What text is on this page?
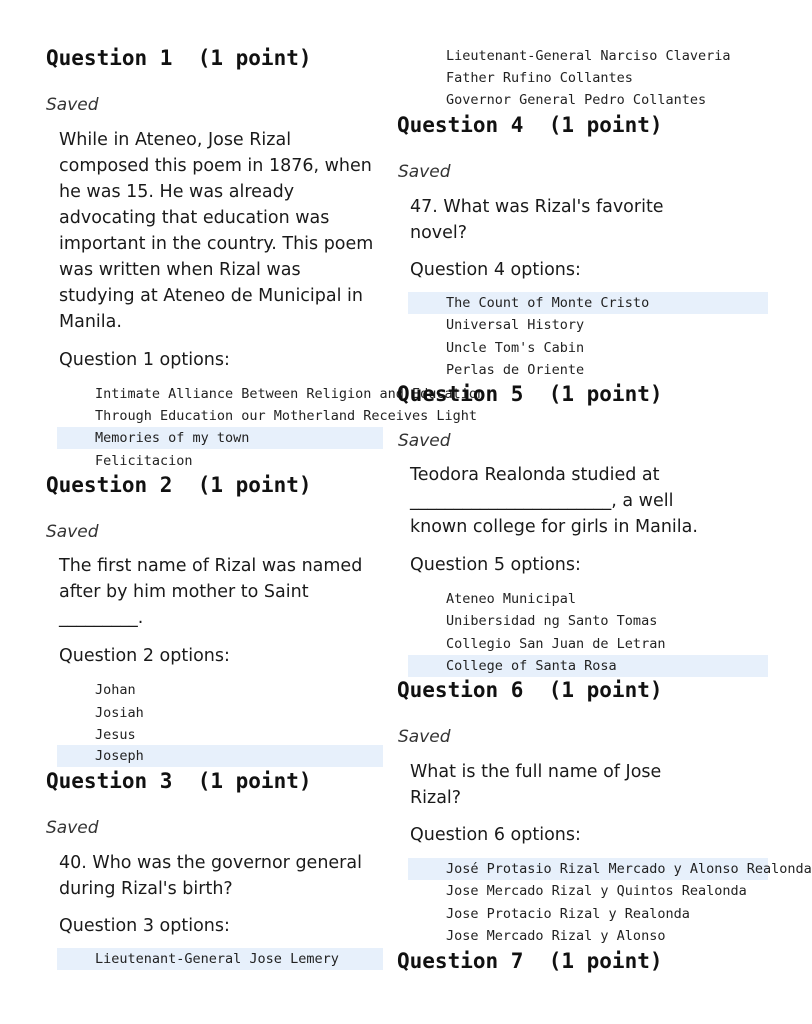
Question 1  (1 point)
Saved

While in Ateneo, Jose Rizal composed this poem in 1876, when he was 15. He was already advocating that education was important in the country. This poem was written when Rizal was studying at Ateneo de Municipal in Manila.

Question 1 options:
Intimate Alliance Between Religion and Education
Through Education our Motherland Receives Light
Memories of my town
Felicitacion
Question 2  (1 point)
Saved

The first name of Rizal was named after by him mother to Saint _________.

Question 2 options:
Johan
Josiah
Jesus
Joseph
Question 3  (1 point)
Saved

40. Who was the governor general during Rizal's birth?

Question 3 options:
Lieutenant-General Jose Lemery
Lieutenant-General Narciso Claveria
Father Rufino Collantes
Governor General Pedro Collantes
Question 4  (1 point)
Saved

47. What was Rizal's favorite novel?

Question 4 options:
The Count of Monte Cristo
Universal History
Uncle Tom's Cabin
Perlas de Oriente
Question 5  (1 point)
Saved

Teodora Realonda studied at _______________________, a well known college for girls in Manila.

Question 5 options:
Ateneo Municipal
Unibersidad ng Santo Tomas
Collegio San Juan de Letran
College of Santa Rosa
Question 6  (1 point)
Saved

What is the full name of Jose Rizal?

Question 6 options:
José Protasio Rizal Mercado y Alonso Realonda
Jose Mercado Rizal y Quintos Realonda
Jose Protacio Rizal y Realonda
Jose Mercado Rizal y Alonso
Question 7  (1 point)
